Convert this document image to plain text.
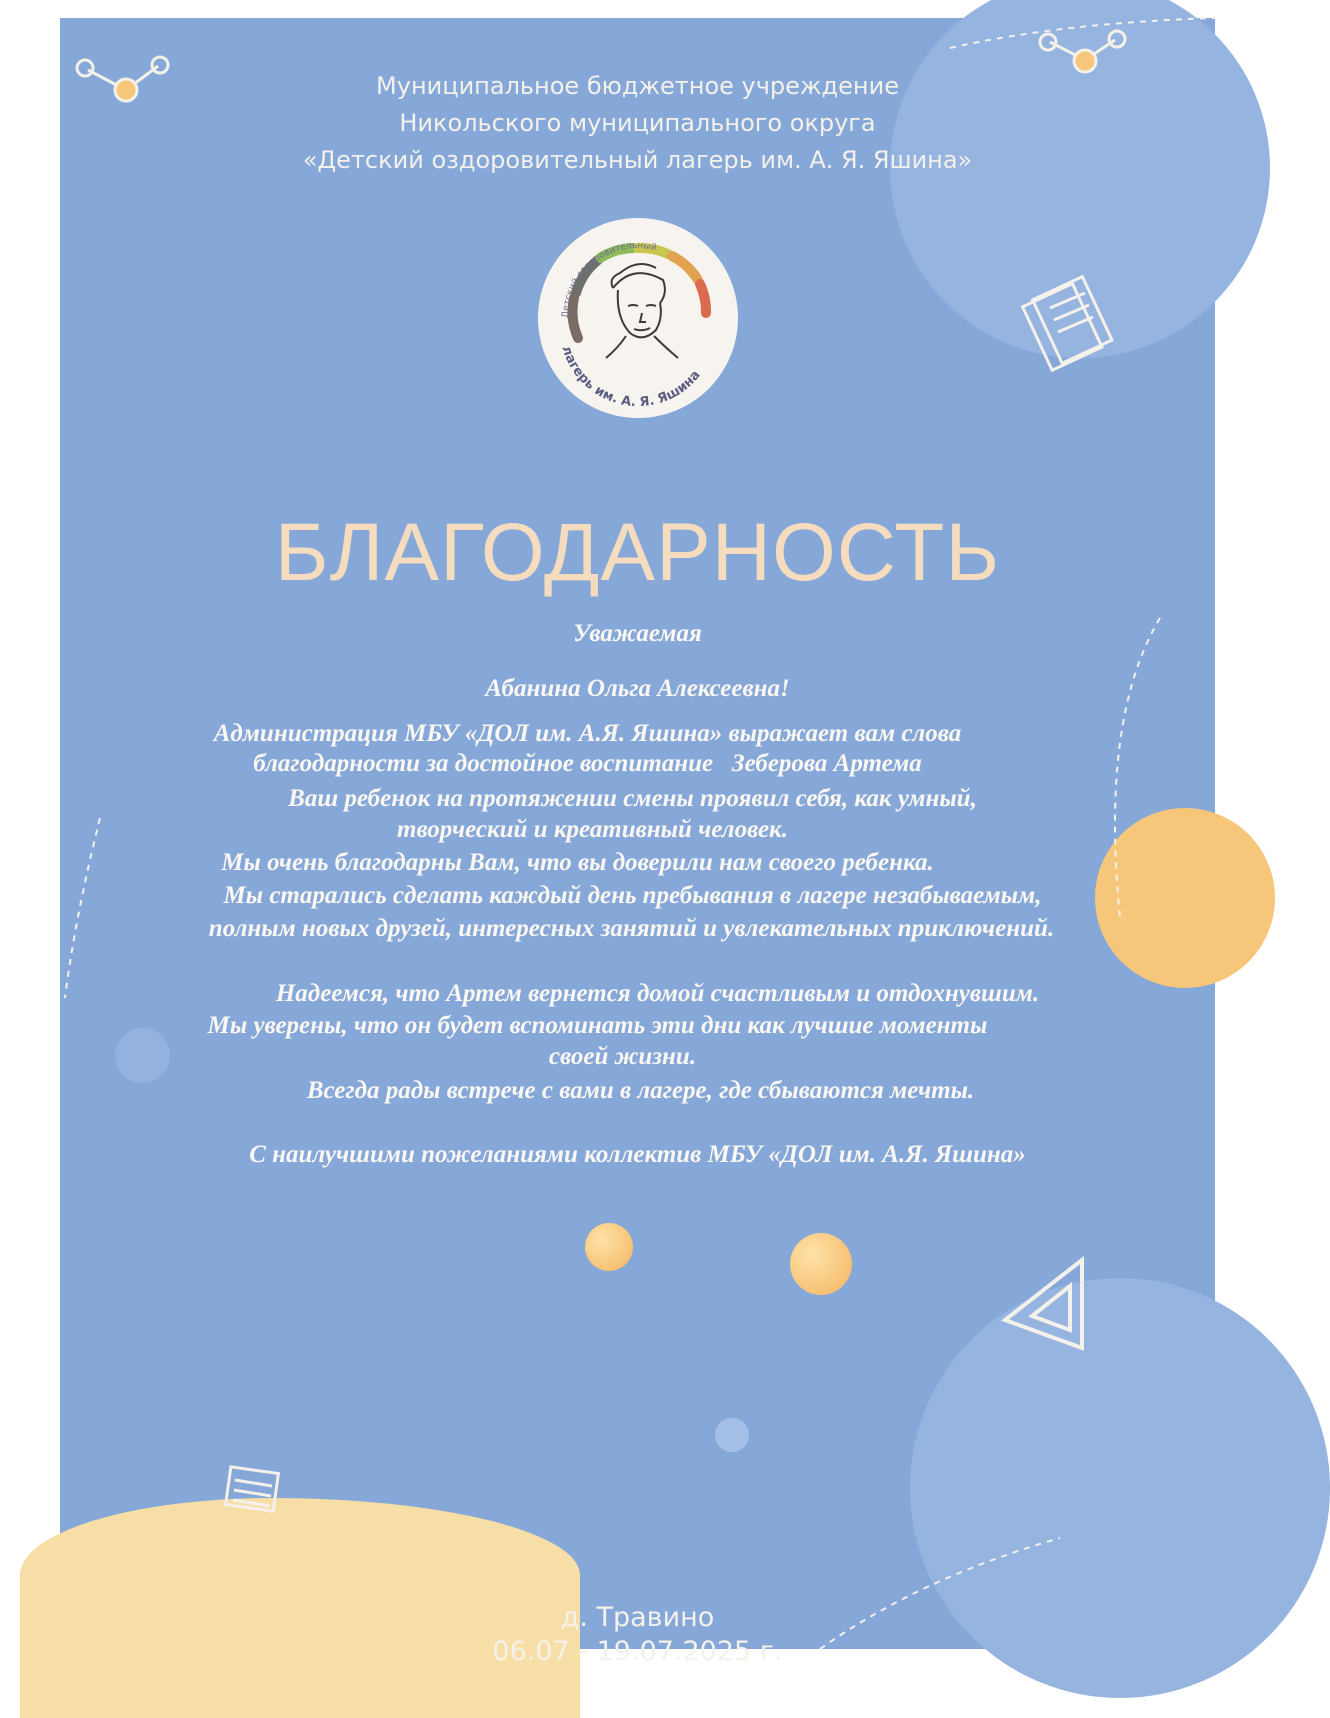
Муниципальное бюджетное учреждение
Никольского муниципального округа
«Детский оздоровительный лагерь им. А. Я. Яшина»
Детский оздоровительный
лагерь им. А. Я. Яшина
БЛАГОДАРНОСТЬ
Уважаемая
Абанина Ольга Алексеевна!
Администрация МБУ «ДОЛ им. А.Я. Яшина» выражает вам слова
благодарности за достойное воспитание Зеберова Артема
Ваш ребенок на протяжении смены проявил себя, как умный,
творческий и креативный человек.
Мы очень благодарны Вам, что вы доверили нам своего ребенка.
Мы старались сделать каждый день пребывания в лагере незабываемым,
полным новых друзей, интересных занятий и увлекательных приключений.
Надеемся, что Артем вернется домой счастливым и отдохнувшим.
Мы уверены, что он будет вспоминать эти дни как лучшие моменты
своей жизни.
Всегда рады встрече с вами в лагере, где сбываются мечты.
С наилучшими пожеланиями коллектив МБУ «ДОЛ им. А.Я. Яшина»
д. Травино
06.07 - 19.07.2025 г.
